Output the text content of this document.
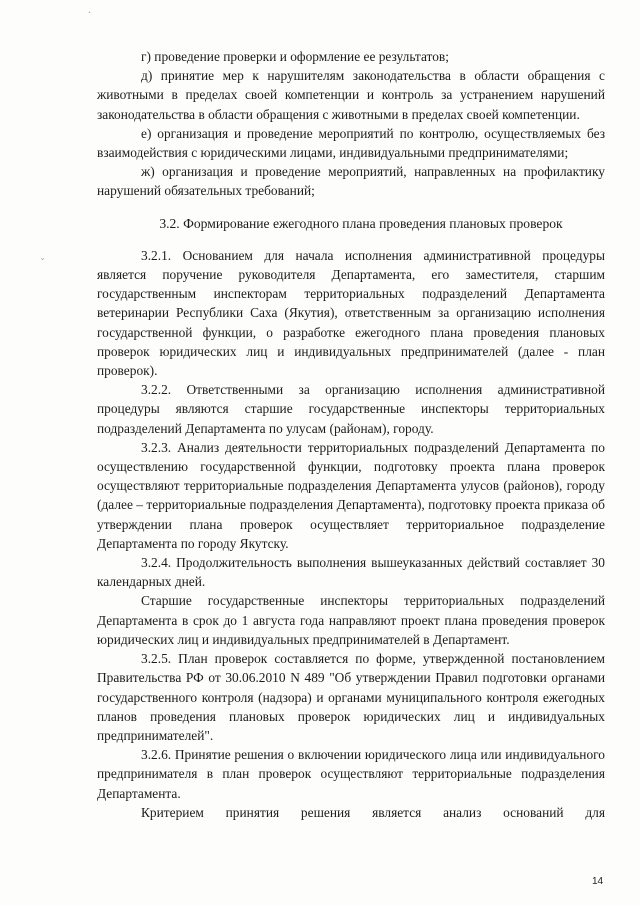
ˇ
·

г) проведение проверки и оформление ее результатов;

д) принятие мер к нарушителям законодательства в области обращения с животными в пределах своей компетенции и контроль за устранением нарушений законодательства в области обращения с животными в пределах своей компетенции.

е) организация и проведение мероприятий по контролю, осуществляемых без взаимодействия с юридическими лицами, индивидуальными предпринимателями;

ж) организация и проведение мероприятий, направленных на профилактику нарушений обязательных требований;

3.2. Формирование ежегодного плана проведения плановых проверок

3.2.1. Основанием для начала исполнения административной процедуры является поручение руководителя Департамента, его заместителя, старшим государственным инспекторам территориальных подразделений Департамента ветеринарии Республики Саха (Якутия), ответственным за организацию исполнения государственной функции, о разработке ежегодного плана проведения плановых проверок юридических лиц и индивидуальных предпринимателей (далее - план проверок).

3.2.2. Ответственными за организацию исполнения административной процедуры являются старшие государственные инспекторы территориальных подразделений Департамента по улусам (районам), городу.

3.2.3. Анализ деятельности территориальных подразделений Департамента по осуществлению государственной функции, подготовку проекта плана проверок осуществляют территориальные подразделения Департамента улусов (районов), городу (далее – территориальные подразделения Департамента), подготовку проекта приказа об утверждении плана проверок осуществляет территориальное подразделение Департамента по городу Якутску.

3.2.4. Продолжительность выполнения вышеуказанных действий составляет 30 календарных дней.

Старшие государственные инспекторы территориальных подразделений Департамента в срок до 1 августа года направляют проект плана проведения проверок юридических лиц и индивидуальных предпринимателей в Департамент.

3.2.5. План проверок составляется по форме, утвержденной постановлением Правительства РФ от 30.06.2010 N 489 "Об утверждении Правил подготовки органами государственного контроля (надзора) и органами муниципального контроля ежегодных планов проведения плановых проверок юридических лиц и индивидуальных предпринимателей".

3.2.6. Принятие решения о включении юридического лица или индивидуального предпринимателя в план проверок осуществляют территориальные подразделения Департамента.

Критерием принятия решения является анализ оснований для

14
